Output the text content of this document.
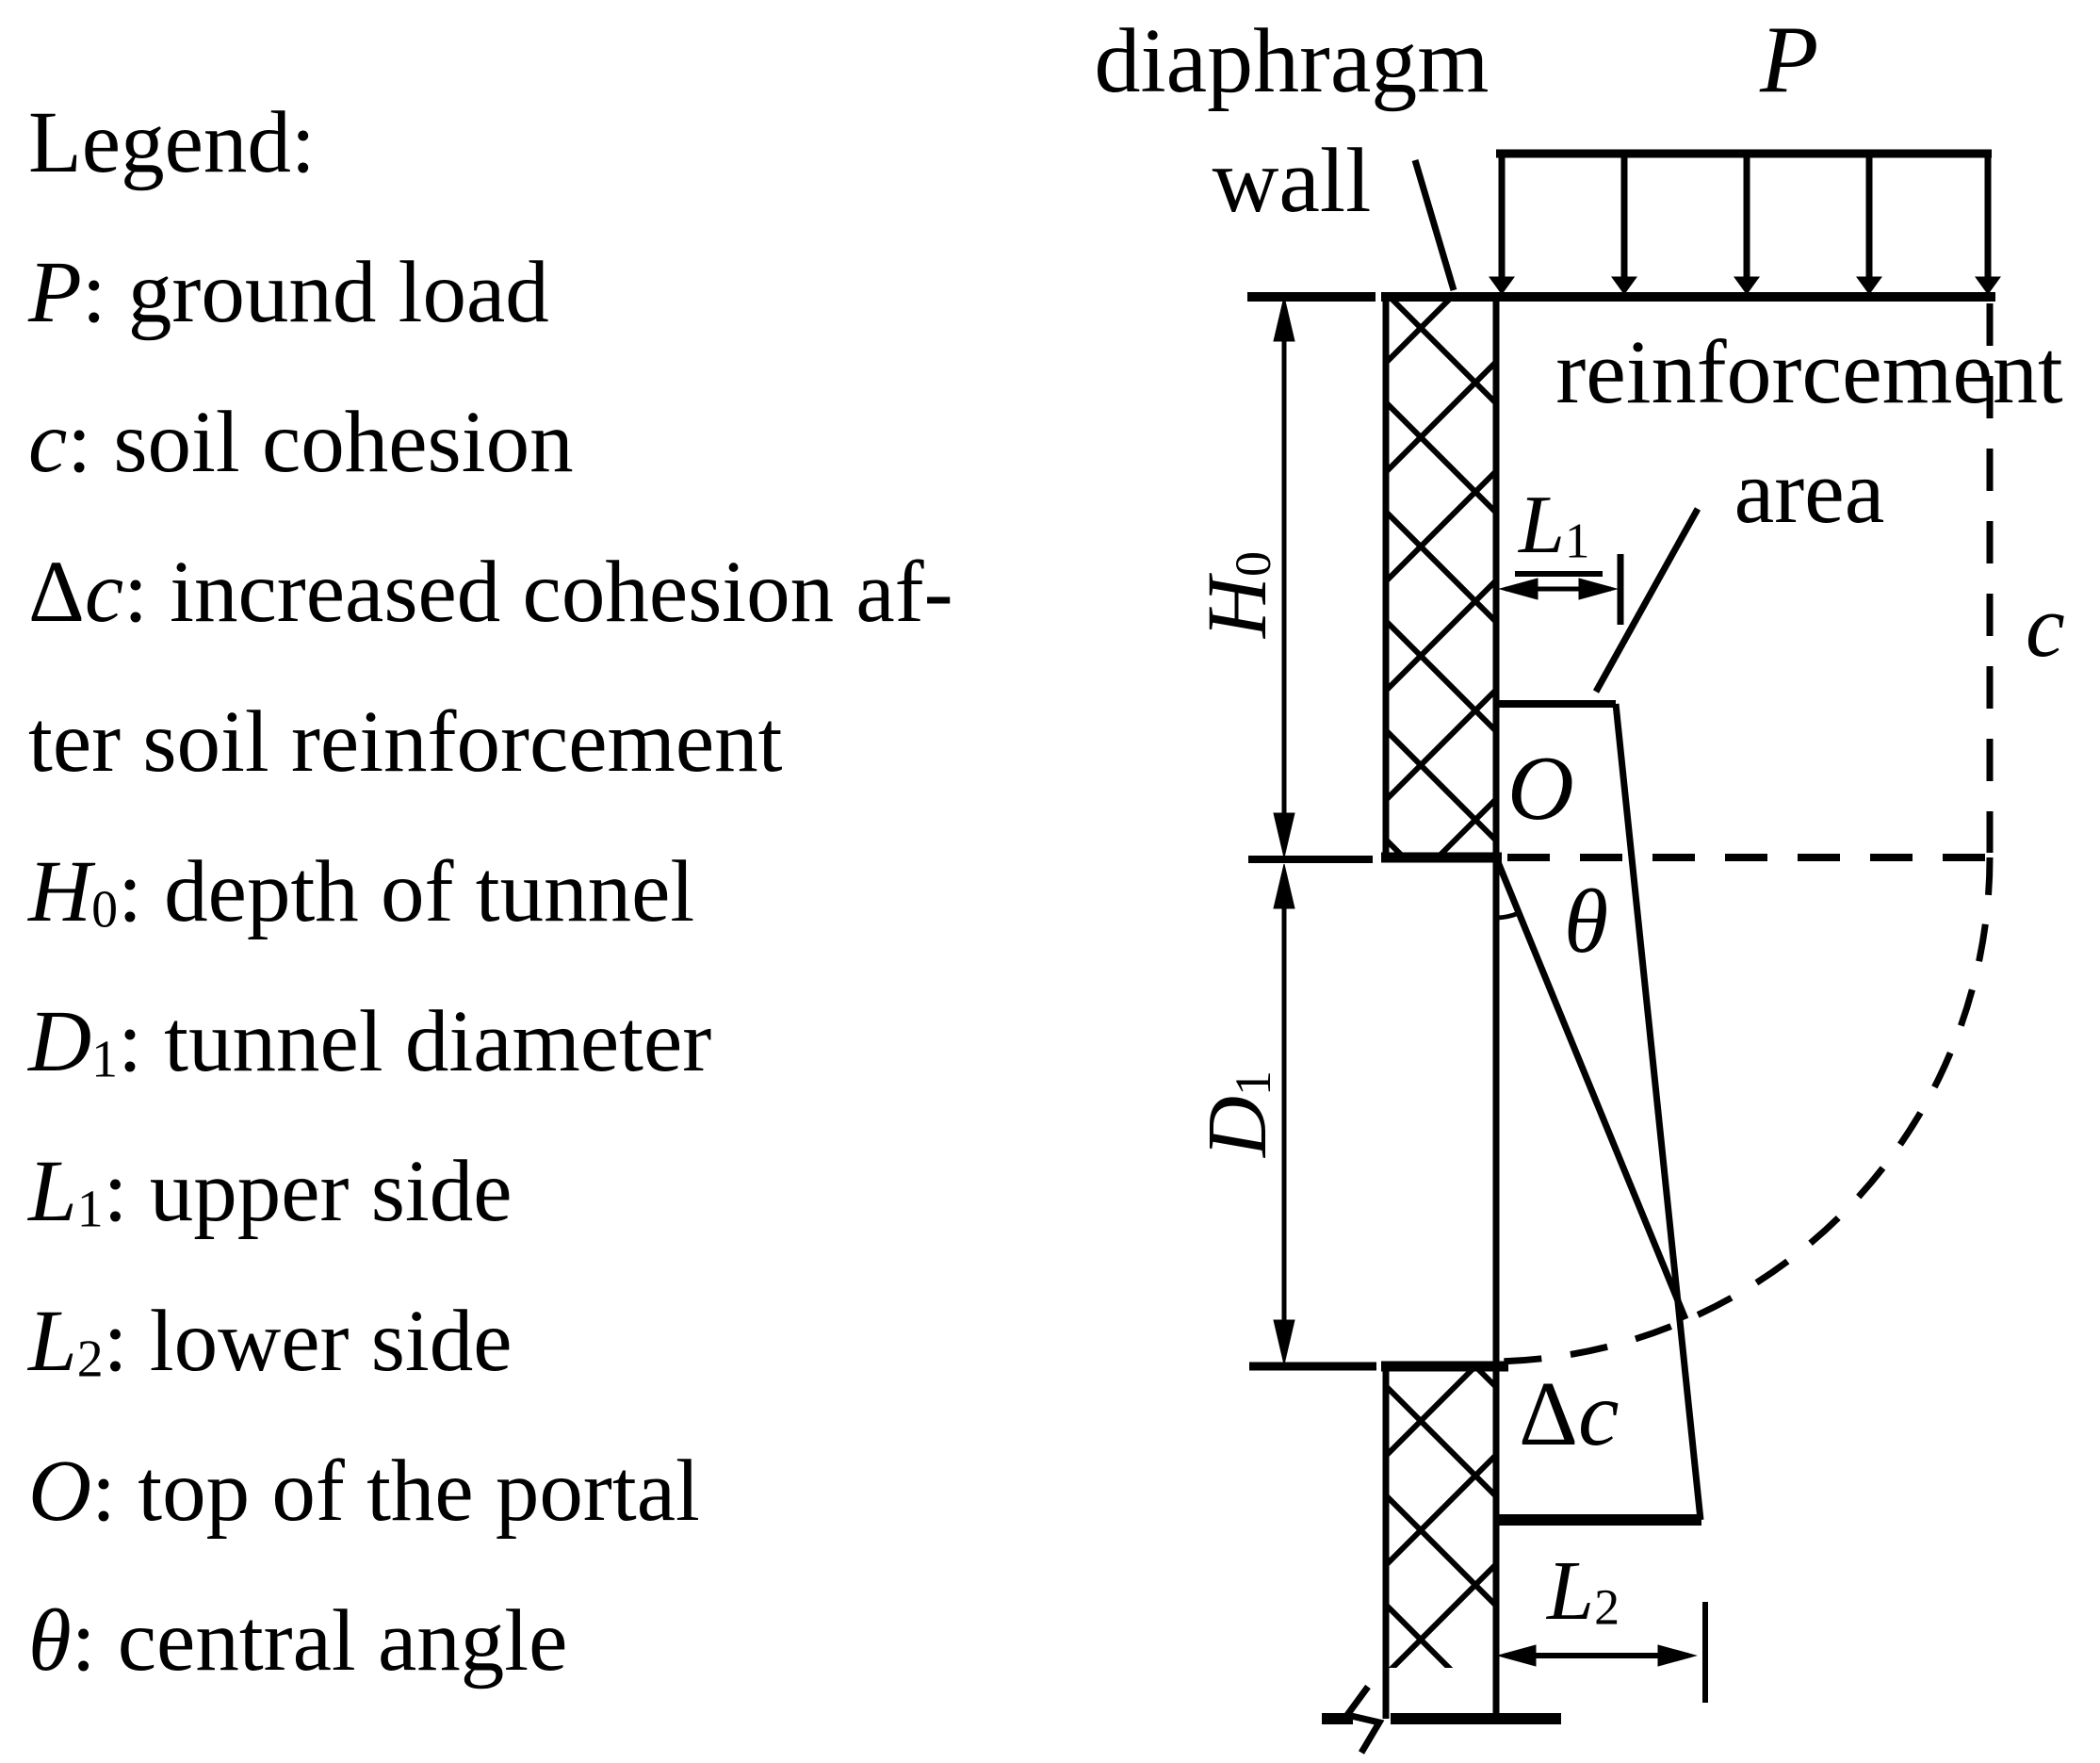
Legend:
P: ground load
c: soil cohesion
Δc: increased cohesion af-
ter soil reinforcement
$H_0$: depth of tunnel
$D_1$: tunnel diameter
$L_1$: upper side
$L_2$: lower side
O: top of the portal
θ: central angle
diaphragm
wall
P
reinforcement
area
$L_1$
c
O
θ
Δc
$L_2$
$H_0$
$D_1$
